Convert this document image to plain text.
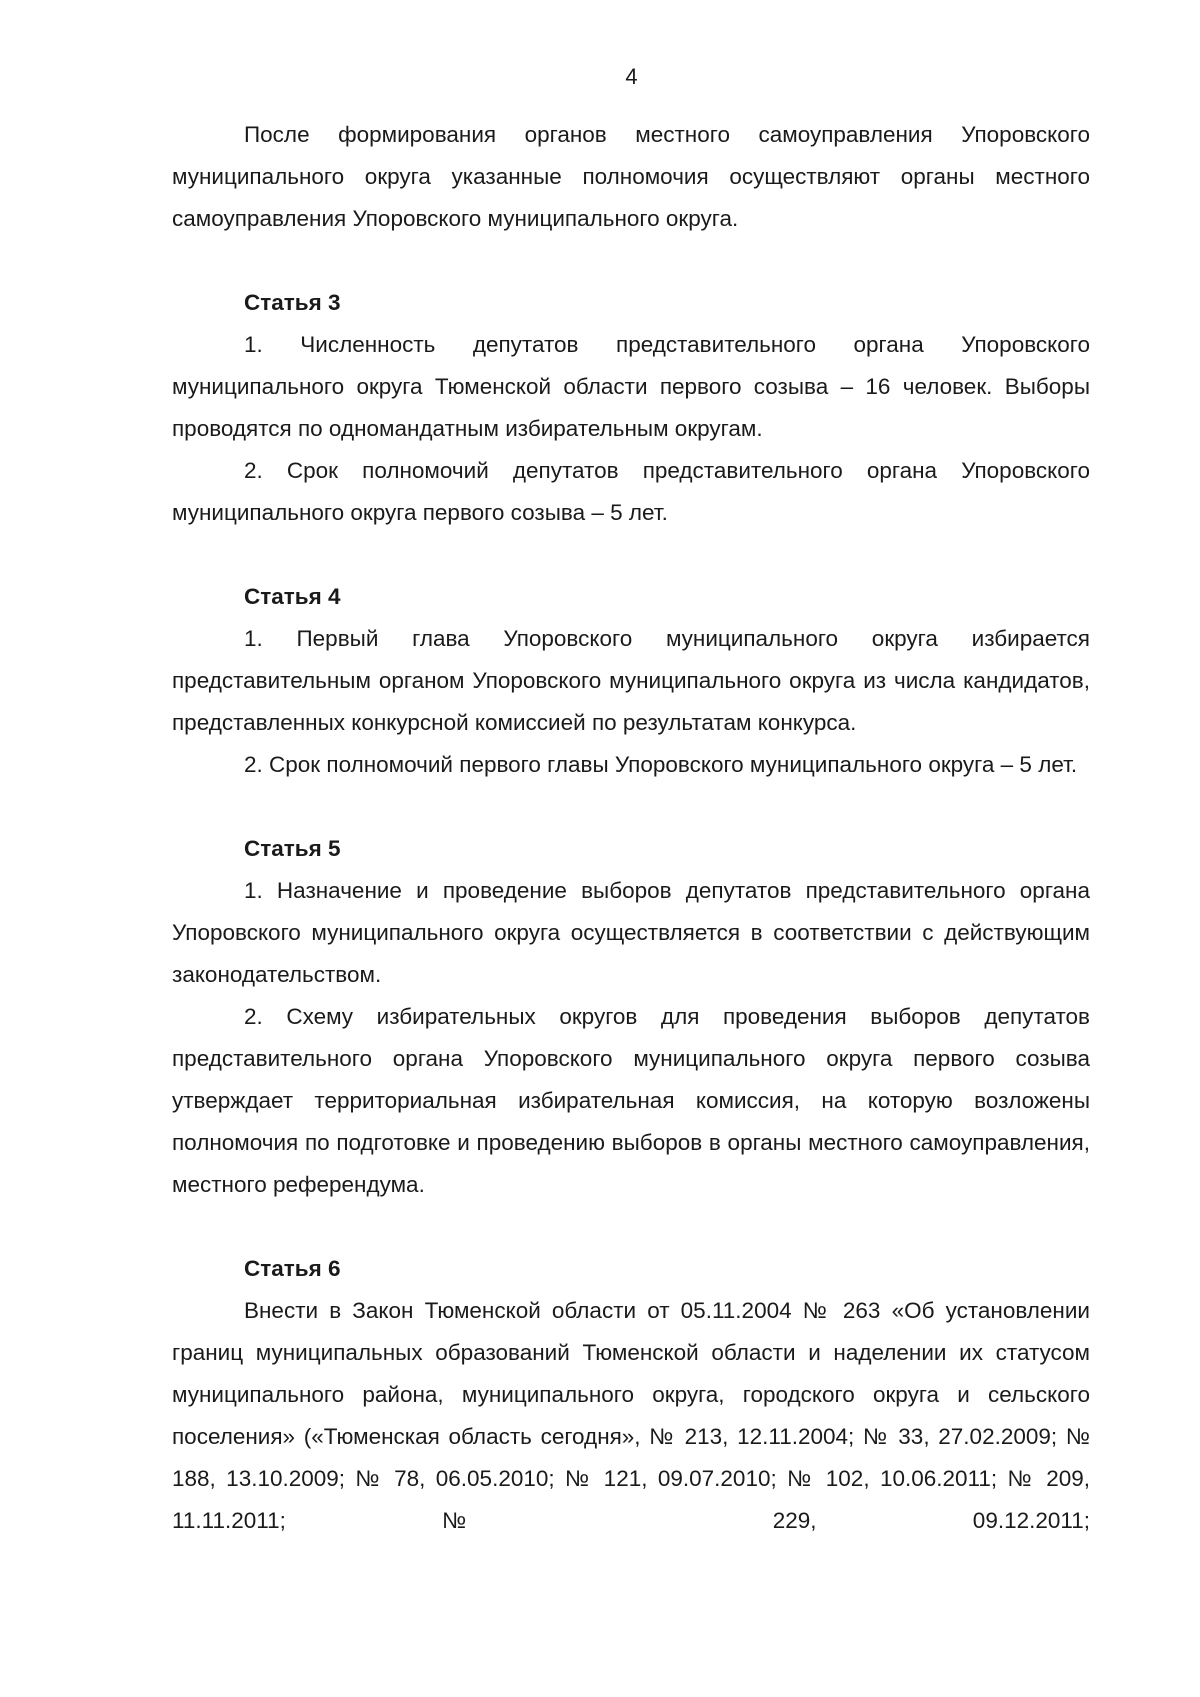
4

После формирования органов местного самоуправления Упоровского муниципального округа указанные полномочия осуществляют органы местного самоуправления Упоровского муниципального округа.

Статья 3

1. Численность депутатов представительного органа Упоровского муниципального округа Тюменской области первого созыва – 16 человек. Выборы проводятся по одномандатным избирательным округам.

2. Срок полномочий депутатов представительного органа Упоровского муниципального округа первого созыва – 5 лет.

Статья 4

1. Первый глава Упоровского муниципального округа избирается представительным органом Упоровского муниципального округа из числа кандидатов, представленных конкурсной комиссией по результатам конкурса.

2. Срок полномочий первого главы Упоровского муниципального округа – 5 лет.

Статья 5

1. Назначение и проведение выборов депутатов представительного органа Упоровского муниципального округа осуществляется в соответствии с действующим законодательством.

2. Схему избирательных округов для проведения выборов депутатов представительного органа Упоровского муниципального округа первого созыва утверждает территориальная избирательная комиссия, на которую возложены полномочия по подготовке и проведению выборов в органы местного самоуправления, местного референдума.

Статья 6

Внести в Закон Тюменской области от 05.11.2004 № 263 «Об установлении границ муниципальных образований Тюменской области и наделении их статусом муниципального района, муниципального округа, городского округа и сельского поселения» («Тюменская область сегодня», № 213, 12.11.2004; № 33, 27.02.2009; № 188, 13.10.2009; № 78, 06.05.2010; № 121, 09.07.2010; № 102, 10.06.2011; № 209, 11.11.2011; № 229, 09.12.2011;
